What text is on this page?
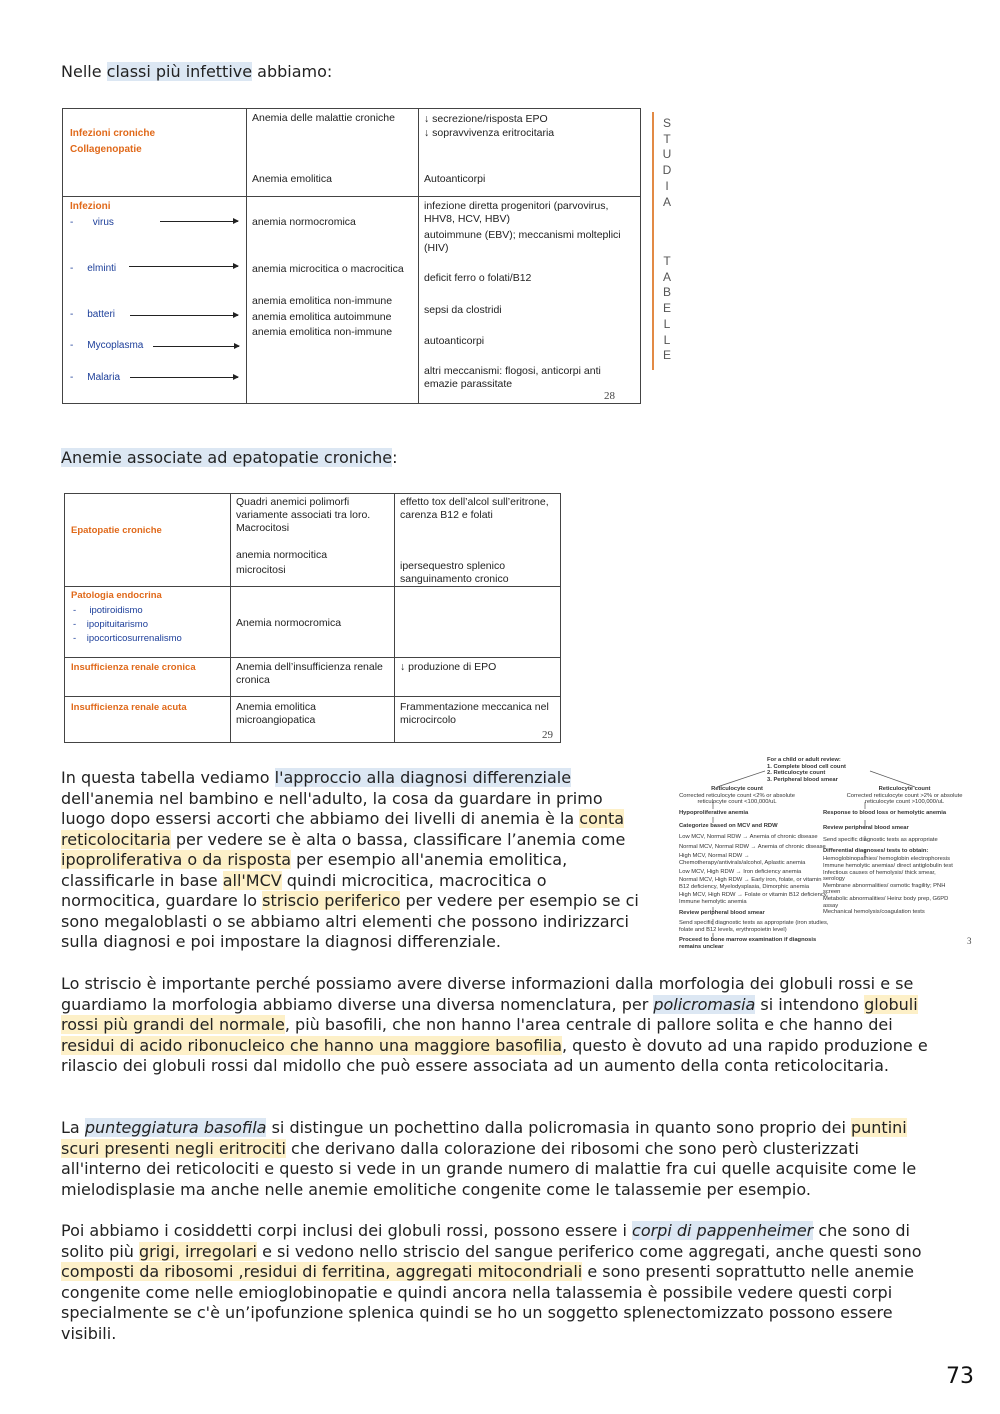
Nelle classi più infettive abbiamo:
Infezioni croniche
Collagenopatie
Anemia delle malattie croniche
Anemia emolitica
↓ secrezione/risposta EPO
↓ sopravvivenza eritrocitaria
Autoanticorpi
Infezioni
-       virus
-     elminti
-     batteri
-     Mycoplasma
-     Malaria
anemia normocromica
anemia microcitica o macrocitica
anemia emolitica non-immune
anemia emolitica autoimmune
anemia emolitica non-immune
infezione diretta progenitori (parvovirus, HHV8, HCV, HBV)
autoimmune (EBV); meccanismi molteplici (HIV)
deficit ferro o folati/B12
sepsi da clostridi
autoanticorpi
altri meccanismi: flogosi, anticorpi anti emazie parassitate
28
S
T
U
D
I
A
T
A
B
E
L
L
E
Anemie associate ad epatopatie croniche:
Epatopatie croniche
Quadri anemici polimorfi variamente associati tra loro. Macrocitosi
anemia normocitica microcitosi
effetto tox dell’alcol sull’eritrone, carenza B12 e folati
ipersequestro splenico sanguinamento cronico
Patologia endocrina
-     ipotiroidismo
-    ipopituitarismo
-    ipocorticosurrenalismo
Anemia normocromica
Insufficienza renale cronica	Anemia dell’insufficienza renale cronica
↓ produzione di EPO
Insufficienza renale acuta	Anemia emolitica microangiopatica
Frammentazione meccanica nel microcircolo
29

In questa tabella vediamo l'approccio alla diagnosi differenziale dell'anemia nel bambino e nell'adulto, la cosa da guardare in primo luogo dopo essersi accorti che abbiamo dei livelli di anemia è la conta reticolocitaria per vedere se è alta o bassa, classificare l’anemia come ipoproliferativa o da risposta per esempio all'anemia emolitica, classificarle in base all'MCV quindi microcitica, macrocitica o normocitica, guardare lo striscio periferico per vedere per esempio se ci sono megaloblasti o se abbiamo altri elementi che possono indirizzarci sulla diagnosi e poi impostare la diagnosi differenziale.

For a child or adult review:
1. Complete blood cell count
2. Reticulocyte count
3. Peripheral blood smear
Reticulocyte count
Corrected reticulocyte count <2% or absolute reticulocyte count <100,000/uL
Reticulocyte count
Corrected reticulocyte count >2% or absolute reticulocyte count >100,000/uL
Hypoproliferative anemia
Categorize based on MCV and RDW
Low MCV, Normal RDW → Anemia of chronic disease
Normal MCV, Normal RDW → Anemia of chronic disease
High MCV, Normal RDW → Chemotherapy/antivirals/alcohol, Aplastic anemia
Low MCV, High RDW → Iron deficiency anemia
Normal MCV, High RDW → Early iron, folate, or vitamin B12 deficiency, Myelodysplasia, Dimorphic anemia
High MCV, High RDW → Folate or vitamin B12 deficiency, Immune hemolytic anemia
Review peripheral blood smear
Send specific diagnostic tests as appropriate (iron studies, folate and B12 levels, erythropoietin level)
Proceed to bone marrow examination if diagnosis remains unclear
Response to blood loss or hemolytic anemia
Review peripheral blood smear
Send specific diagnostic tests as appropriate
Differential diagnoses/ tests to obtain:
Hemoglobinopathies/ hemoglobin electrophoresis
Immune hemolytic anemias/ direct antiglobulin test
Infectious causes of hemolysis/ thick smear, serology
Membrane abnormalities/ osmotic fragility; PNH screen
Metabolic abnormalities/ Heinz body prep, G6PD assay
Mechanical hemolysis/coagulation tests
3

Lo striscio è importante perché possiamo avere diverse informazioni dalla morfologia dei globuli rossi e se guardiamo la morfologia abbiamo diverse una diversa nomenclatura, per policromasia si intendono globuli rossi più grandi del normale, più basofili, che non hanno l'area centrale di pallore solita e che hanno dei residui di acido ribonucleico che hanno una maggiore basofilia, questo è dovuto ad una rapido produzione e rilascio dei globuli rossi dal midollo che può essere associata ad un aumento della conta reticolocitaria.

La punteggiatura basofila si distingue un pochettino dalla policromasia in quanto sono proprio dei puntini scuri presenti negli eritrociti che derivano dalla colorazione dei ribosomi che sono però clusterizzati all'interno dei reticolociti e questo si vede in un grande numero di malattie fra cui quelle acquisite come le mielodisplasie ma anche nelle anemie emolitiche congenite come le talassemie per esempio.

Poi abbiamo i cosiddetti corpi inclusi dei globuli rossi, possono essere i corpi di pappenheimer che sono di solito più grigi, irregolari e si vedono nello striscio del sangue periferico come aggregati, anche questi sono composti da ribosomi ,residui di ferritina, aggregati mitocondriali e sono presenti soprattutto nelle anemie congenite come nelle emioglobinopatie e quindi ancora nella talassemia è possibile vedere questi corpi specialmente se c'è un’ipofunzione splenica quindi se ho un soggetto splenectomizzato possono essere visibili.

73
